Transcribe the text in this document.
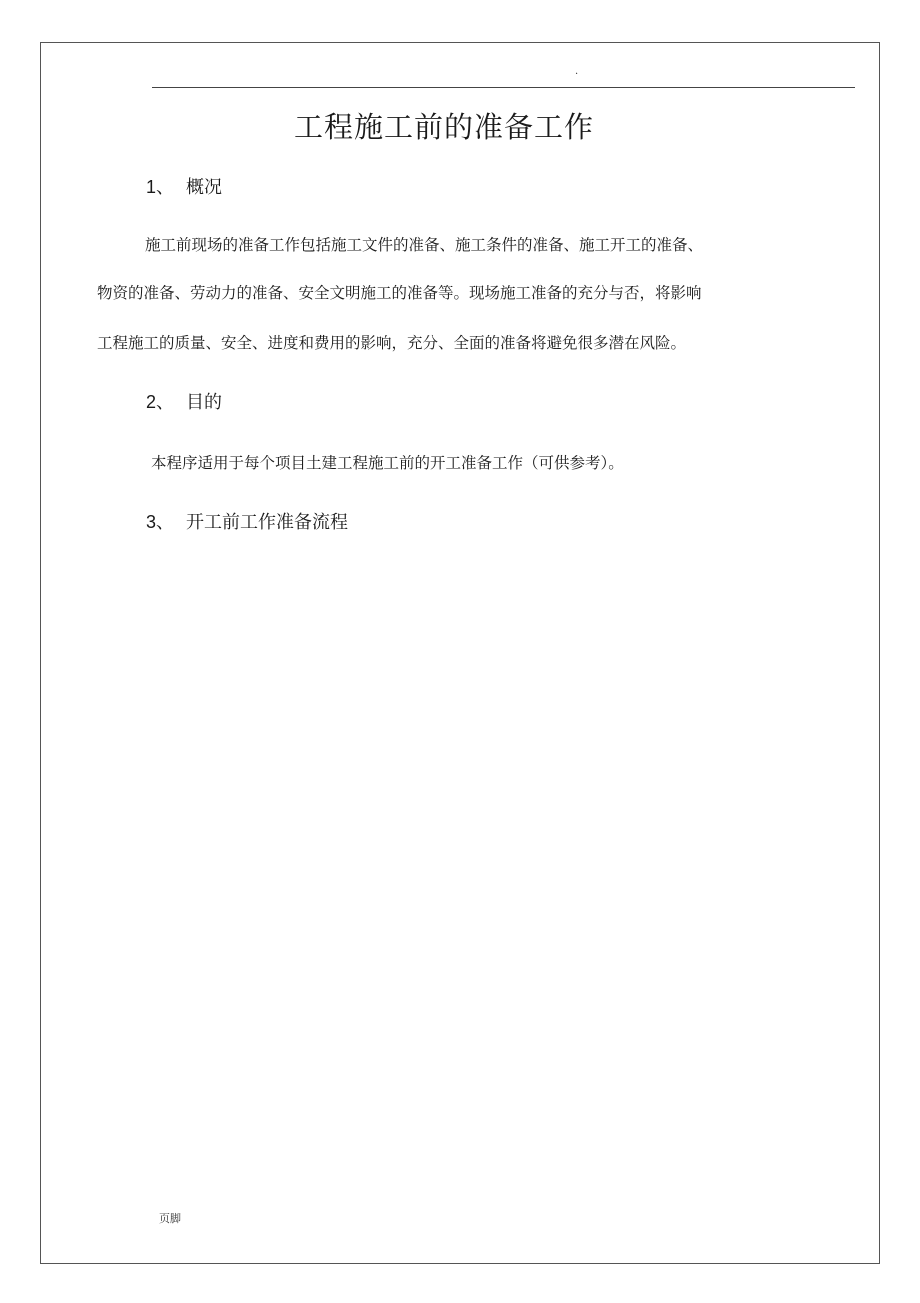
.
工程施工前的准备工作
1、 概况

施工前现场的准备工作包括施工文件的准备、施工条件的准备、施工开工的准备、

物资的准备、劳动力的准备、安全文明施工的准备等。现场施工准备的充分与否，将影响

工程施工的质量、安全、进度和费用的影响，充分、全面的准备将避免很多潜在风险。

2、 目的

本程序适用于每个项目土建工程施工前的开工准备工作（可供参考）。

3、 开工前工作准备流程
页脚
